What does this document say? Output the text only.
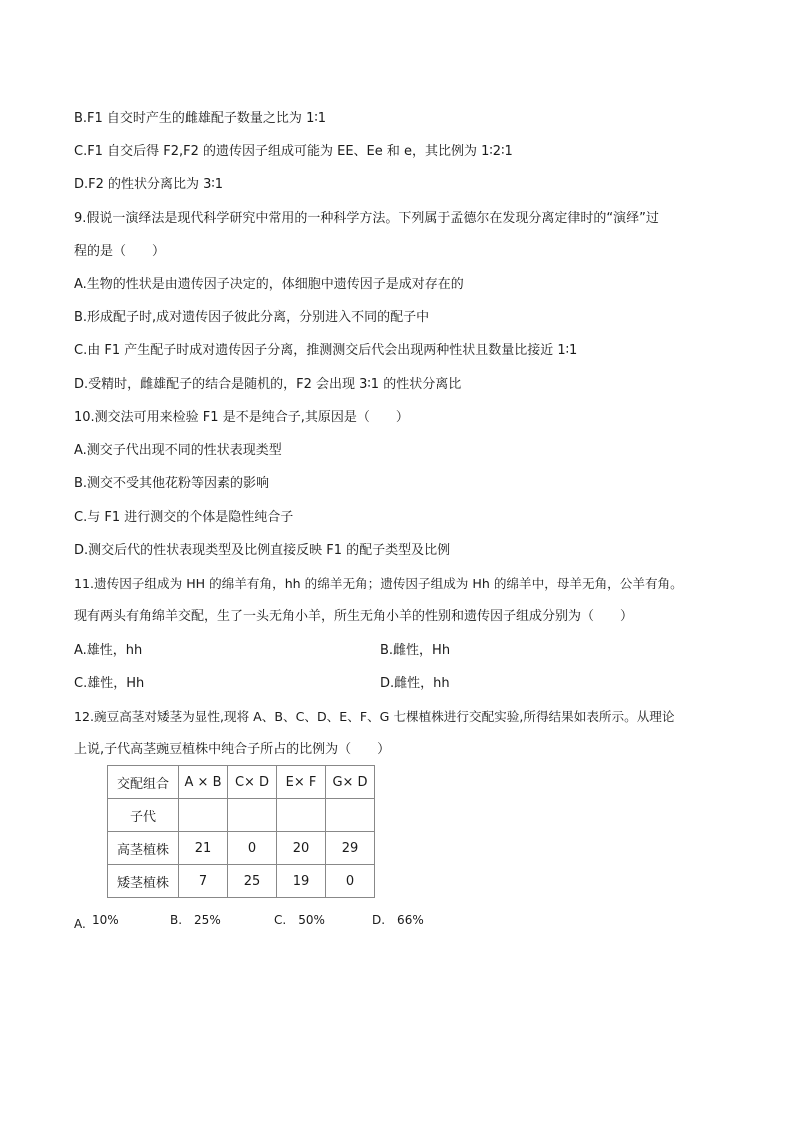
B.F1 自交时产生的雌雄配子数量之比为 1∶1
C.F1 自交后得 F2,F2 的遗传因子组成可能为 EE、Ee 和 e，其比例为 1∶2∶1
D.F2 的性状分离比为 3∶1
9.假说一演绎法是现代科学研究中常用的一种科学方法。下列属于孟德尔在发现分离定律时的“演绎”过
程的是（　　）
A.生物的性状是由遗传因子决定的，体细胞中遗传因子是成对存在的
B.形成配子时,成对遗传因子彼此分离，分别进入不同的配子中
C.由 F1 产生配子时成对遗传因子分离，推测测交后代会出现两种性状且数量比接近 1∶1
D.受精时，雌雄配子的结合是随机的，F2 会出现 3∶1 的性状分离比
10.测交法可用来检验 F1 是不是纯合子,其原因是（　　）
A.测交子代出现不同的性状表现类型
B.测交不受其他花粉等因素的影响
C.与 F1 进行测交的个体是隐性纯合子
D.测交后代的性状表现类型及比例直接反映 F1 的配子类型及比例
11.遗传因子组成为 HH 的绵羊有角，hh 的绵羊无角；遗传因子组成为 Hh 的绵羊中，母羊无角，公羊有角。
现有两头有角绵羊交配，生了一头无角小羊，所生无角小羊的性别和遗传因子组成分别为（　　）
A.雄性，hh	B.雌性，Hh
C.雄性，Hh	D.雌性，hh
12.豌豆高茎对矮茎为显性,现将 A、B、C、D、E、F、G 七棵植株进行交配实验,所得结果如表所示。从理论
上说,子代高茎豌豆植株中纯合子所占的比例为（　　）
交配组合	A × B	C× D	E× F	G× D
子代				
高茎植株	21	0	20	29
矮茎植株	7	25	19	0
A. 10%	B.　25%	C.　50%	D.　66%
